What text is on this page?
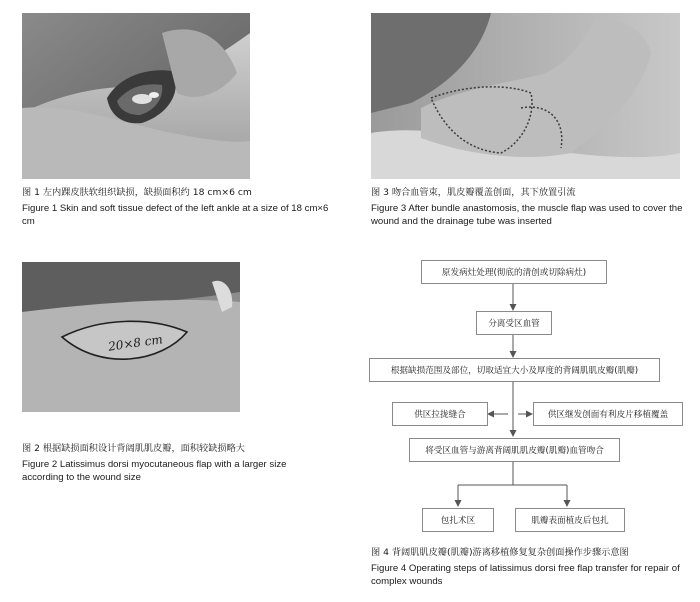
图 1 左内踝皮肤软组织缺损，缺损面积约 18 cm×6 cm
Figure 1 Skin and soft tissue defect of the left ankle at a size of 18 cm×6 cm
图 3 吻合血管束，肌皮瓣覆盖创面，其下放置引流
Figure 3 After bundle anastomosis, the muscle flap was used to cover the wound and the drainage tube was inserted
20×8 cm
图 2 根据缺损面积设计背阔肌肌皮瓣，面积较缺损略大
Figure 2 Latissimus dorsi myocutaneous flap with a larger size according to the wound size
原发病灶处理(彻底的清创或切除病灶)
分离受区血管
根据缺损范围及部位，切取适宜大小及厚度的背阔肌肌皮瓣(肌瓣)
供区拉拢缝合	供区继发创面有利皮片移植覆盖
将受区血管与游离背阔肌肌皮瓣(肌瓣)血管吻合
包扎术区	肌瓣表面植皮后包扎
图 4 背阔肌肌皮瓣(肌瓣)游离移植修复复杂创面操作步骤示意图
Figure 4 Operating steps of latissimus dorsi free flap transfer for repair of complex wounds
